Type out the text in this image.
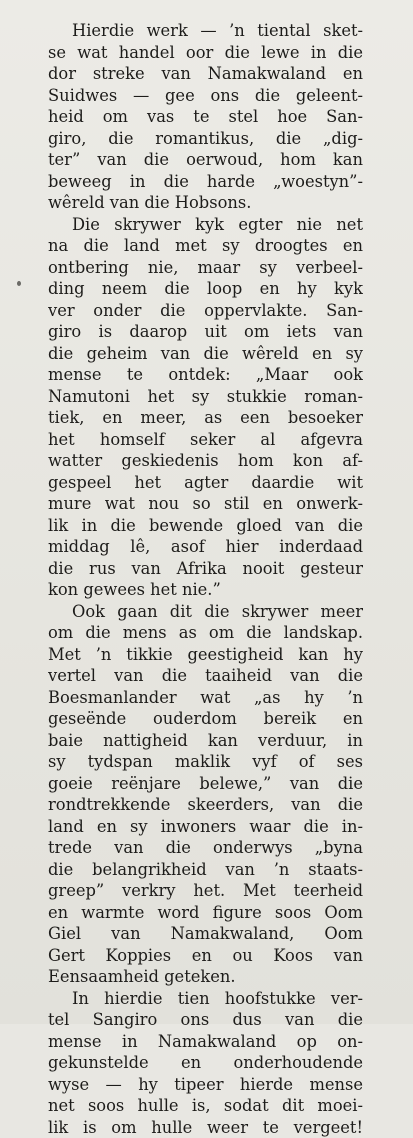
Hierdie werk — ’n tiental sket-
se wat handel oor die lewe in die
dor streke van Namakwaland en
Suidwes — gee ons die geleent-
heid om vas te stel hoe San-
giro, die romantikus, die „dig-
ter” van die oerwoud, hom kan
beweeg in die harde „woestyn”-
wêreld van die Hobsons.
Die skrywer kyk egter nie net
na die land met sy droogtes en
ontbering nie, maar sy verbeel-
ding neem die loop en hy kyk
ver onder die oppervlakte. San-
giro is daarop uit om iets van
die geheim van die wêreld en sy
mense te ontdek: „Maar ook
Namutoni het sy stukkie roman-
tiek, en meer, as een besoeker
het homself seker al afgevra
watter geskiedenis hom kon af-
gespeel het agter daardie wit
mure wat nou so stil en onwerk-
lik in die bewende gloed van die
middag lê, asof hier inderdaad
die rus van Afrika nooit gesteur
kon gewees het nie.”
Ook gaan dit die skrywer meer
om die mens as om die landskap.
Met ’n tikkie geestigheid kan hy
vertel van die taaiheid van die
Boesmanlander wat „as hy ’n
geseënde ouderdom bereik en
baie nattigheid kan verduur, in
sy tydspan maklik vyf of ses
goeie reënjare belewe,” van die
rondtrekkende skeerders, van die
land en sy inwoners waar die in-
trede van die onderwys „byna
die belangrikheid van ’n staats-
greep” verkry het. Met teerheid
en warmte word figure soos Oom
Giel van Namakwaland, Oom
Gert Koppies en ou Koos van
Eensaamheid geteken.
In hierdie tien hoofstukke ver-
tel Sangiro ons dus van die
mense in Namakwaland op on-
gekunstelde en onderhoudende
wyse — hy tipeer hierde mense
net soos hulle is, sodat dit moei-
lik is om hulle weer te vergeet!
